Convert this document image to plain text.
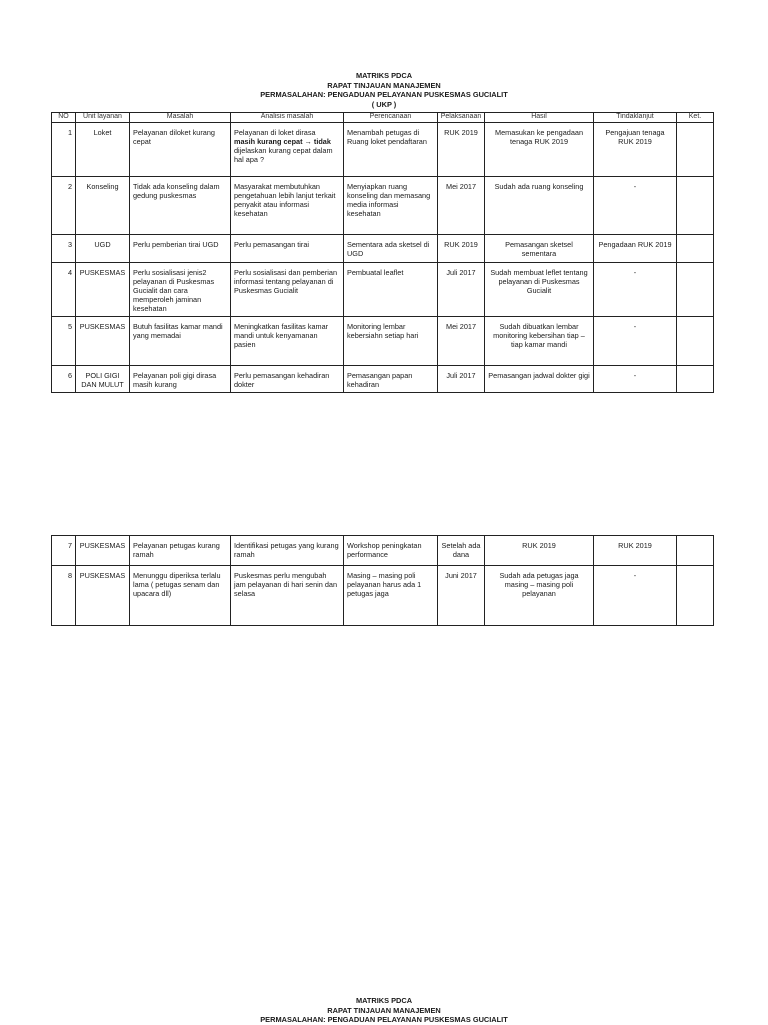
MATRIKS PDCA
RAPAT TINJAUAN MANAJEMEN
PERMASALAHAN: PENGADUAN PELAYANAN PUSKESMAS GUCIALIT
( UKP )
NO	Unit layanan	Masalah	Analisis masalah	Perencanaan	Pelaksanaan	Hasil	Tindaklanjut	Ket.
1	Loket	Pelayanan diloket kurang cepat	Pelayanan di loket dirasa
masih kurang cepat → tidak
dijelaskan kurang cepat dalam hal apa ?	Menambah petugas di Ruang loket pendaftaran	RUK 2019	Memasukan ke pengadaan tenaga RUK 2019	Pengajuan tenaga RUK 2019	
2	Konseling	Tidak ada konseling dalam gedung puskesmas	Masyarakat membutuhkan pengetahuan lebih lanjut terkait penyakit atau informasi kesehatan	Menyiapkan ruang konseling dan memasang media informasi kesehatan	Mei 2017	Sudah ada ruang konseling	-	
3	UGD	Perlu pemberian tirai UGD	Perlu pemasangan tirai	Sementara ada sketsel di UGD	RUK 2019	Pemasangan sketsel sementara	Pengadaan RUK 2019	
4	PUSKESMAS	Perlu sosialisasi jenis2 pelayanan di Puskesmas Gucialit dan cara memperoleh jaminan kesehatan	Perlu sosialisasi dan pemberian informasi tentang pelayanan di Puskesmas Gucialit	Pembuatal leaflet	Juli 2017	Sudah membuat leflet tentang pelayanan di Puskesmas Gucialit	-	
5	PUSKESMAS	Butuh fasilitas kamar mandi yang memadai	Meningkatkan fasilitas kamar mandi untuk kenyamanan pasien	Monitoring lembar kebersiahn setiap hari	Mei 2017	Sudah dibuatkan lembar monitoring kebersihan tiap – tiap kamar mandi	-	
6	POLI GIGI DAN MULUT	Pelayanan poli gigi dirasa masih kurang	Perlu pemasangan kehadiran dokter	Pemasangan papan kehadiran	Juli 2017	Pemasangan jadwal dokter gigi	-	
7	PUSKESMAS	Pelayanan petugas kurang ramah	Identifikasi petugas yang kurang ramah	Workshop peningkatan performance	Setelah ada dana	RUK 2019	RUK 2019	
8	PUSKESMAS	Menunggu diperiksa terlalu lama ( petugas senam dan upacara dll)	Puskesmas perlu mengubah jam pelayanan di hari senin dan selasa	Masing – masing poli pelayanan harus ada 1 petugas jaga	Juni 2017	Sudah ada petugas jaga masing – masing poli pelayanan	-	
MATRIKS PDCA
RAPAT TINJAUAN MANAJEMEN
PERMASALAHAN: PENGADUAN PELAYANAN PUSKESMAS GUCIALIT
